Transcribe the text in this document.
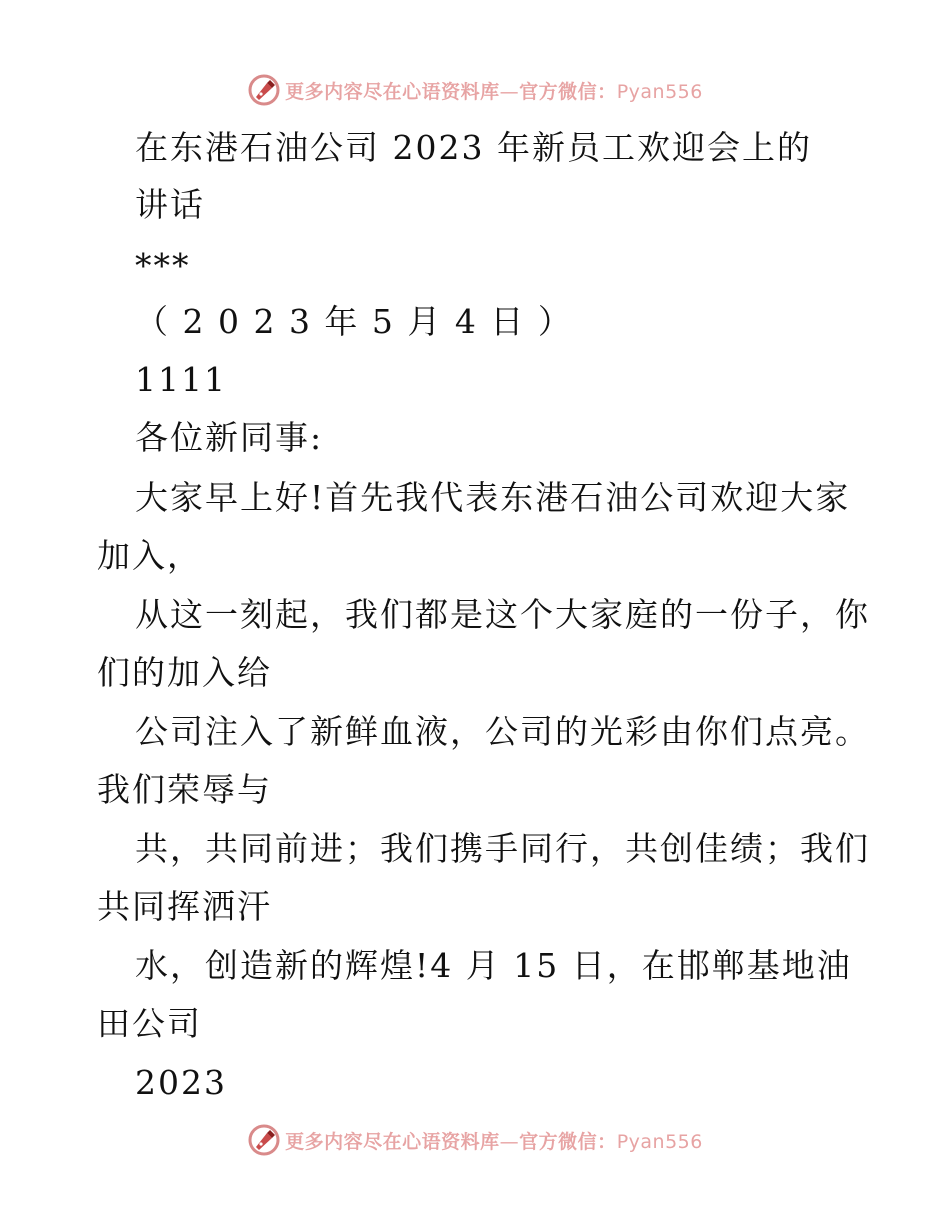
更多内容尽在心语资料库—官方微信：Pyan556
在东港石油公司 2023 年新员工欢迎会上的
讲话
***
（ 2 0 2 3 年 5 月 4 日 ）
1111
各位新同事:
大家早上好!首先我代表东港石油公司欢迎大家
加入，
从这一刻起，我们都是这个大家庭的一份子，你
们的加入给
公司注入了新鲜血液，公司的光彩由你们点亮。
我们荣辱与
共，共同前进；我们携手同行，共创佳绩；我们
共同挥洒汗
水，创造新的辉煌!4 月 15 日，在邯郸基地油
田公司
2023
更多内容尽在心语资料库—官方微信：Pyan556
